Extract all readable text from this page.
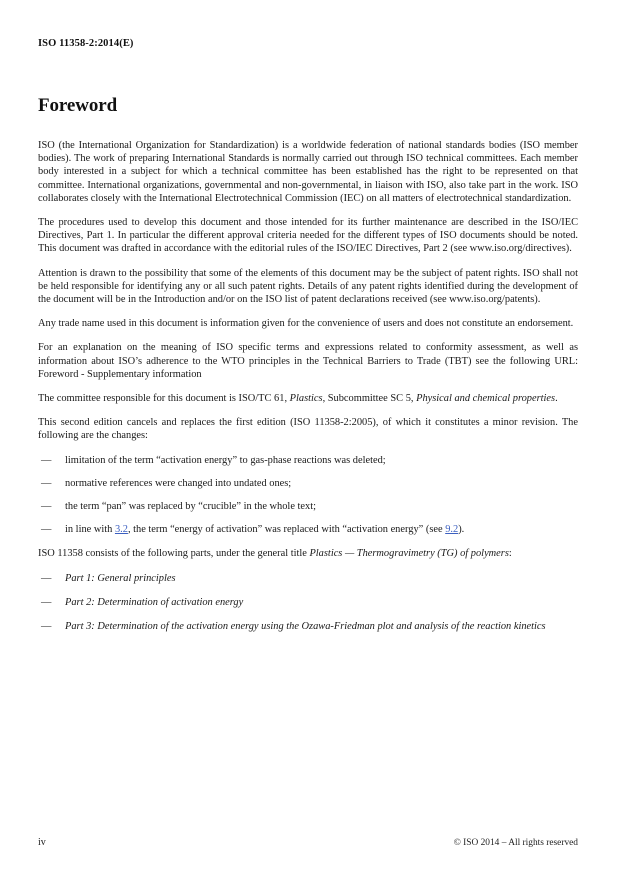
ISO 11358-2:2014(E)
Foreword

ISO (the International Organization for Standardization) is a worldwide federation of national standards bodies (ISO member bodies). The work of preparing International Standards is normally carried out through ISO technical committees. Each member body interested in a subject for which a technical committee has been established has the right to be represented on that committee. International organizations, governmental and non-governmental, in liaison with ISO, also take part in the work. ISO collaborates closely with the International Electrotechnical Commission (IEC) on all matters of electrotechnical standardization.

The procedures used to develop this document and those intended for its further maintenance are described in the ISO/IEC Directives, Part 1. In particular the different approval criteria needed for the different types of ISO documents should be noted. This document was drafted in accordance with the editorial rules of the ISO/IEC Directives, Part 2 (see www.iso.org/directives).

Attention is drawn to the possibility that some of the elements of this document may be the subject of patent rights. ISO shall not be held responsible for identifying any or all such patent rights. Details of any patent rights identified during the development of the document will be in the Introduction and/or on the ISO list of patent declarations received (see www.iso.org/patents).

Any trade name used in this document is information given for the convenience of users and does not constitute an endorsement.

For an explanation on the meaning of ISO specific terms and expressions related to conformity assessment, as well as information about ISO’s adherence to the WTO principles in the Technical Barriers to Trade (TBT) see the following URL: Foreword - Supplementary information

The committee responsible for this document is ISO/TC 61, Plastics, Subcommittee SC 5, Physical and chemical properties.

This second edition cancels and replaces the first edition (ISO 11358-2:2005), of which it constitutes a minor revision. The following are the changes:

— limitation of the term “activation energy” to gas-phase reactions was deleted;
— normative references were changed into undated ones;
— the term “pan” was replaced by “crucible” in the whole text;
— in line with 3.2, the term “energy of activation” was replaced with “activation energy” (see 9.2).

ISO 11358 consists of the following parts, under the general title Plastics — Thermogravimetry (TG) of polymers:

— Part 1: General principles
— Part 2: Determination of activation energy
— Part 3: Determination of the activation energy using the Ozawa-Friedman plot and analysis of the reaction kinetics
iv	© ISO 2014 – All rights reserved
